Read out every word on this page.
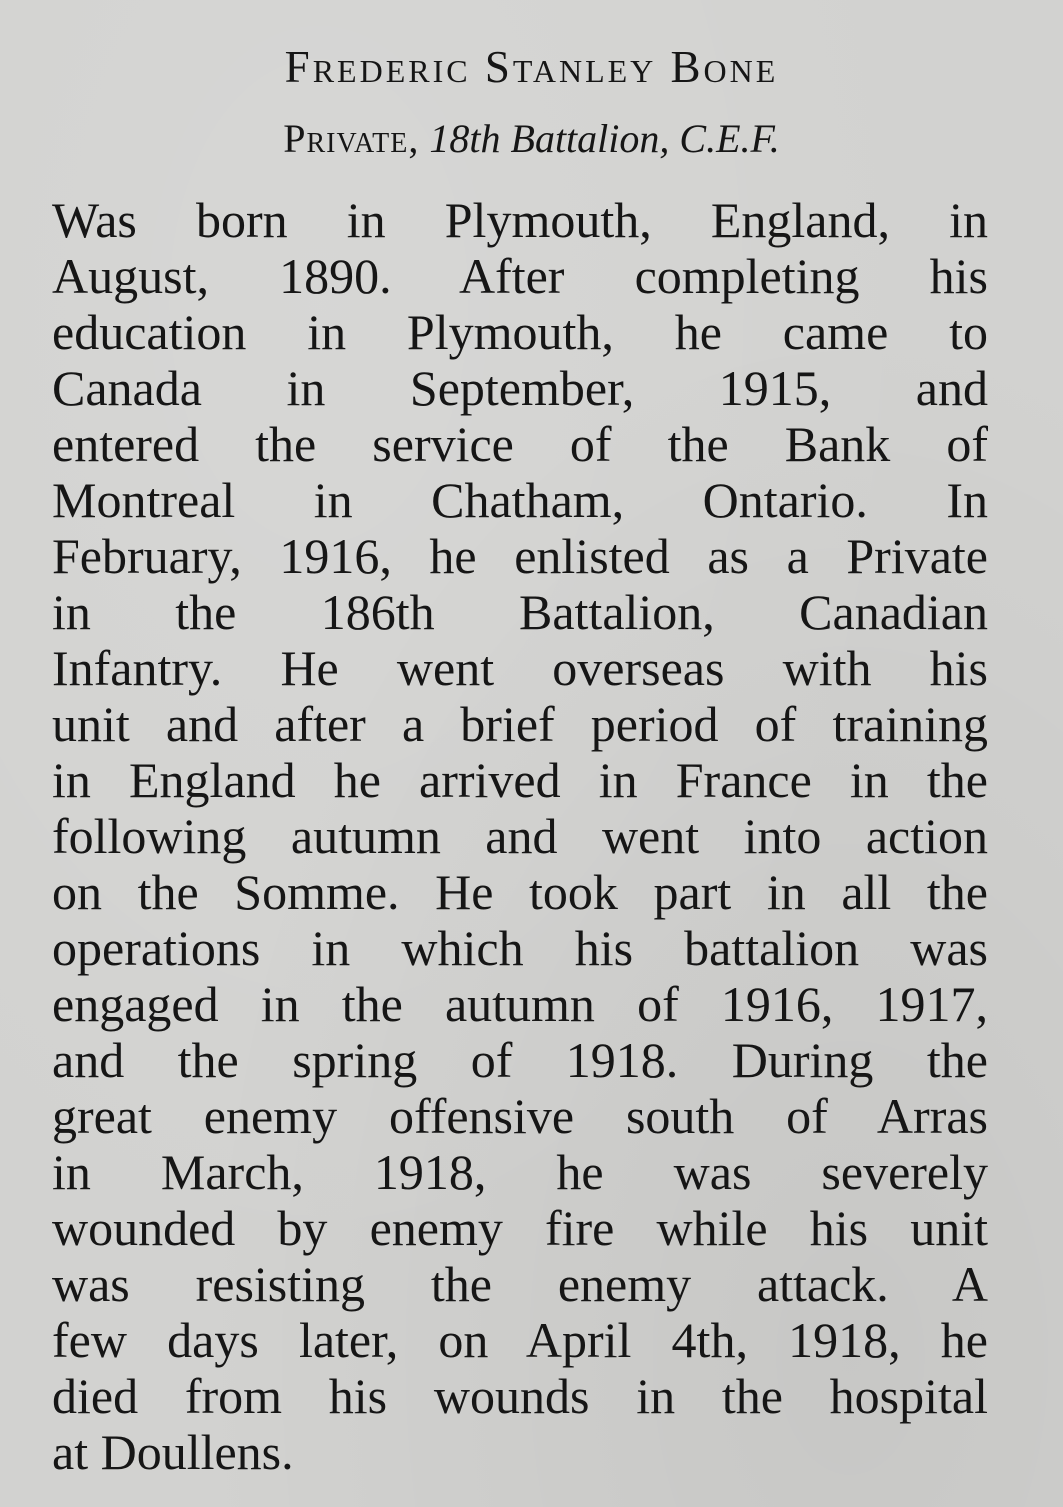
Frederic Stanley Bone
Private, 18th Battalion, C.E.F.
Was born in Plymouth, England, in
August, 1890. After completing his
education in Plymouth, he came to
Canada in September, 1915, and
entered the service of the Bank of
Montreal in Chatham, Ontario. In
February, 1916, he enlisted as a Private
in the 186th Battalion, Canadian
Infantry. He went overseas with his
unit and after a brief period of training
in England he arrived in France in the
following autumn and went into action
on the Somme. He took part in all the
operations in which his battalion was
engaged in the autumn of 1916, 1917,
and the spring of 1918. During the
great enemy offensive south of Arras
in March, 1918, he was severely
wounded by enemy fire while his unit
was resisting the enemy attack. A
few days later, on April 4th, 1918, he
died from his wounds in the hospital
at Doullens.
